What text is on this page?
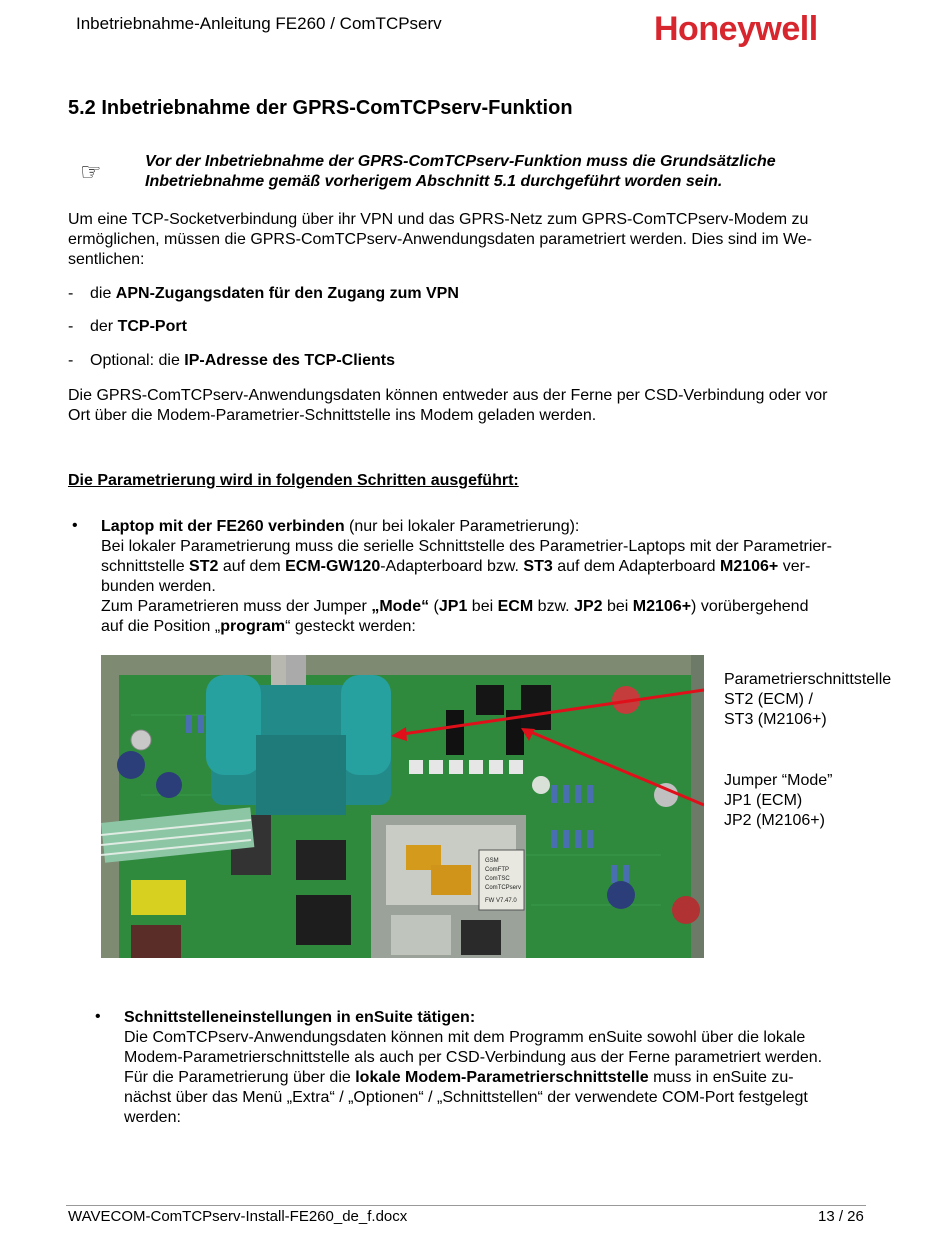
Inbetriebnahme-Anleitung FE260 / ComTCPserv	Honeywell
5.2 Inbetriebnahme der GPRS-ComTCPserv-Funktion
☞	Vor der Inbetriebnahme der GPRS-ComTCPserv-Funktion muss die Grundsätzliche
Inbetriebnahme gemäß vorherigem Abschnitt 5.1 durchgeführt worden sein.
Um eine TCP-Socketverbindung über ihr VPN und das GPRS-Netz zum GPRS-ComTCPserv-Modem zu
ermöglichen, müssen die GPRS-ComTCPserv-Anwendungsdaten parametriert werden. Dies sind im We-
sentlichen:
- die APN-Zugangsdaten für den Zugang zum VPN
- der TCP-Port
- Optional: die IP-Adresse des TCP-Clients
Die GPRS-ComTCPserv-Anwendungsdaten können entweder aus der Ferne per CSD-Verbindung oder vor
Ort über die Modem-Parametrier-Schnittstelle ins Modem geladen werden.
Die Parametrierung wird in folgenden Schritten ausgeführt:
• Laptop mit der FE260 verbinden (nur bei lokaler Parametrierung):
Bei lokaler Parametrierung muss die serielle Schnittstelle des Parametrier-Laptops mit der Parametrier-
schnittstelle ST2 auf dem ECM-GW120-Adapterboard bzw. ST3 auf dem Adapterboard M2106+ ver-
bunden werden.
Zum Parametrieren muss der Jumper „Mode“ (JP1 bei ECM bzw. JP2 bei M2106+) vorübergehend
auf die Position „program“ gesteckt werden:
GSM
ComFTP
ComTSC
ComTCPserv
FW V7.47.0
Parametrierschnittstelle
ST2 (ECM) /
ST3 (M2106+)
Jumper “Mode”
JP1 (ECM)
JP2 (M2106+)
• Schnittstelleneinstellungen in enSuite tätigen:
Die ComTCPserv-Anwendungsdaten können mit dem Programm enSuite sowohl über die lokale
Modem-Parametrierschnittstelle als auch per CSD-Verbindung aus der Ferne parametriert werden.
Für die Parametrierung über die lokale Modem-Parametrierschnittstelle muss in enSuite zu-
nächst über das Menü „Extra“ / „Optionen“ / „Schnittstellen“ der verwendete COM-Port festgelegt
werden:
WAVECOM-ComTCPserv-Install-FE260_de_f.docx	13 / 26
